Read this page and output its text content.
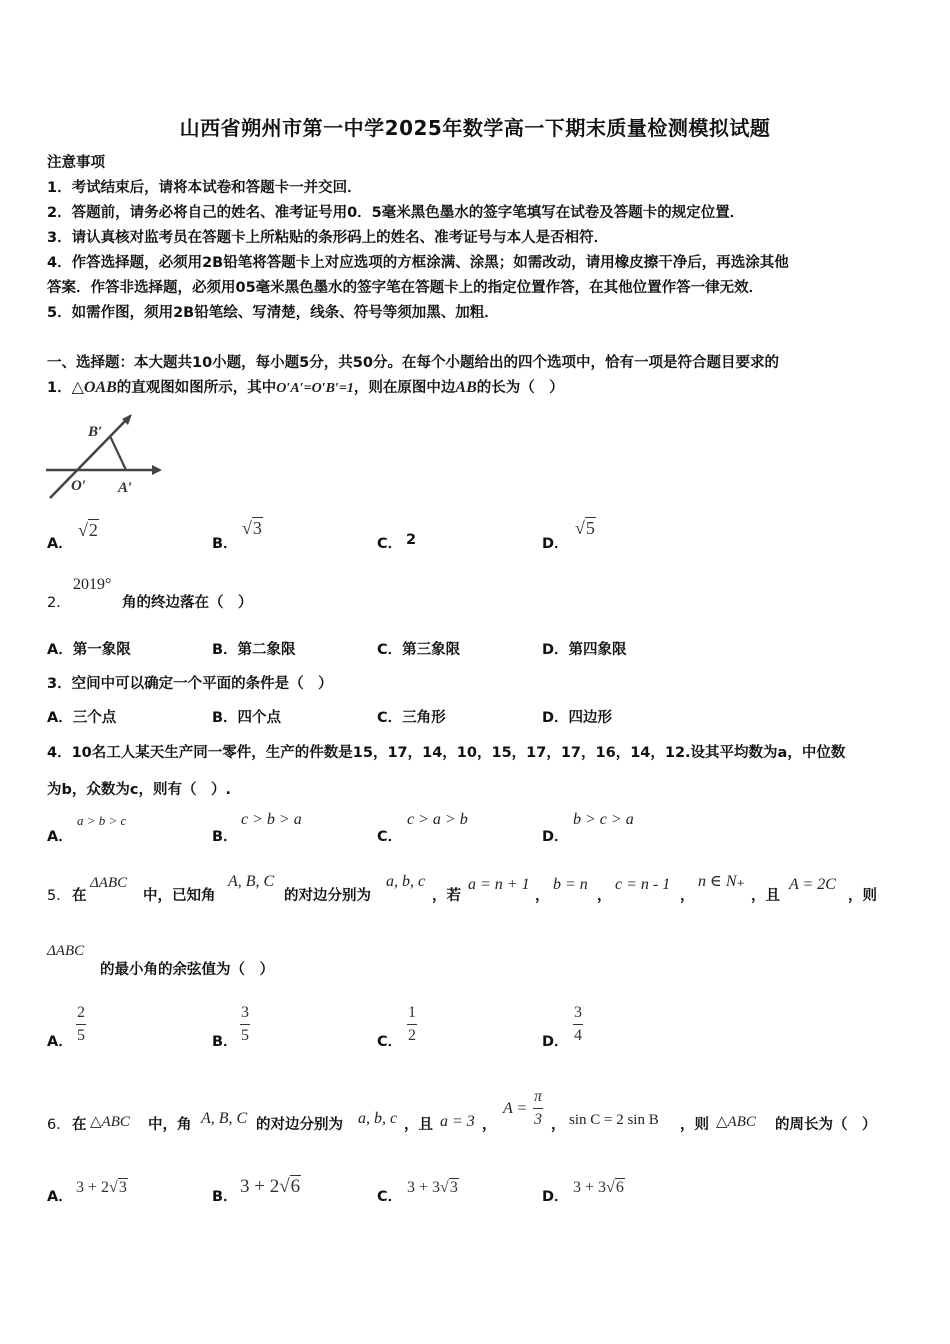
山西省朔州市第一中学2025年数学高一下期末质量检测模拟试题
注意事项
1．考试结束后，请将本试卷和答题卡一并交回．
2．答题前，请务必将自己的姓名、准考证号用0．5毫米黑色墨水的签字笔填写在试卷及答题卡的规定位置．
3．请认真核对监考员在答题卡上所粘贴的条形码上的姓名、准考证号与本人是否相符．
4．作答选择题，必须用2B铅笔将答题卡上对应选项的方框涂满、涂黑；如需改动，请用橡皮擦干净后，再选涂其他
答案．作答非选择题，必须用05毫米黑色墨水的签字笔在答题卡上的指定位置作答，在其他位置作答一律无效．
5．如需作图，须用2B铅笔绘、写清楚，线条、符号等须加黑、加粗．
一、选择题：本大题共10小题，每小题5分，共50分。在每个小题给出的四个选项中，恰有一项是符合题目要求的
1．△OAB的直观图如图所示，其中O′A′=O′B′=1，则在原图中边AB的长为（　）
B′
O′ A′
A．
√2
B．
√3
C． 2	D．
√5
2．
2019°
角的终边落在（　）
A．第一象限	B．第二象限	C．第三象限	D．第四象限
3．空间中可以确定一个平面的条件是（　）
A．三个点	B．四个点	C．三角形	D．四边形
4．10名工人某天生产同一零件，生产的件数是15，17，14，10，15，17，17，16，14，12.设其平均数为a，中位数
为b，众数为c，则有（　）.
A．
a > b > c
B．
c > b > a
C．
c > a > b
D．
b > c > a
5． 在
ΔABC
中，已知角
A, B, C
的对边分别为
a, b, c
，若
a = n + 1
，
b = n
，
c = n - 1
，
n ∈ N₊
，且
A = 2C
，则
ΔABC
的最小角的余弦值为（　）
A． $\frac{2}{5}$	B． $\frac{3}{5}$	C． $\frac{1}{2}$	D． $\frac{3}{4}$
6． 在 △ABC 中，角 A, B, C 的对边分别为 a, b, c ，且 a = 3 ，
$A = \frac{\pi}{3}$ ， sin C = 2 sin B ，则 △ABC 的周长为（　）
A．
3 + 2√3
B． 3 + 2√6	C．
3 + 3√3
D．
3 + 3√6
